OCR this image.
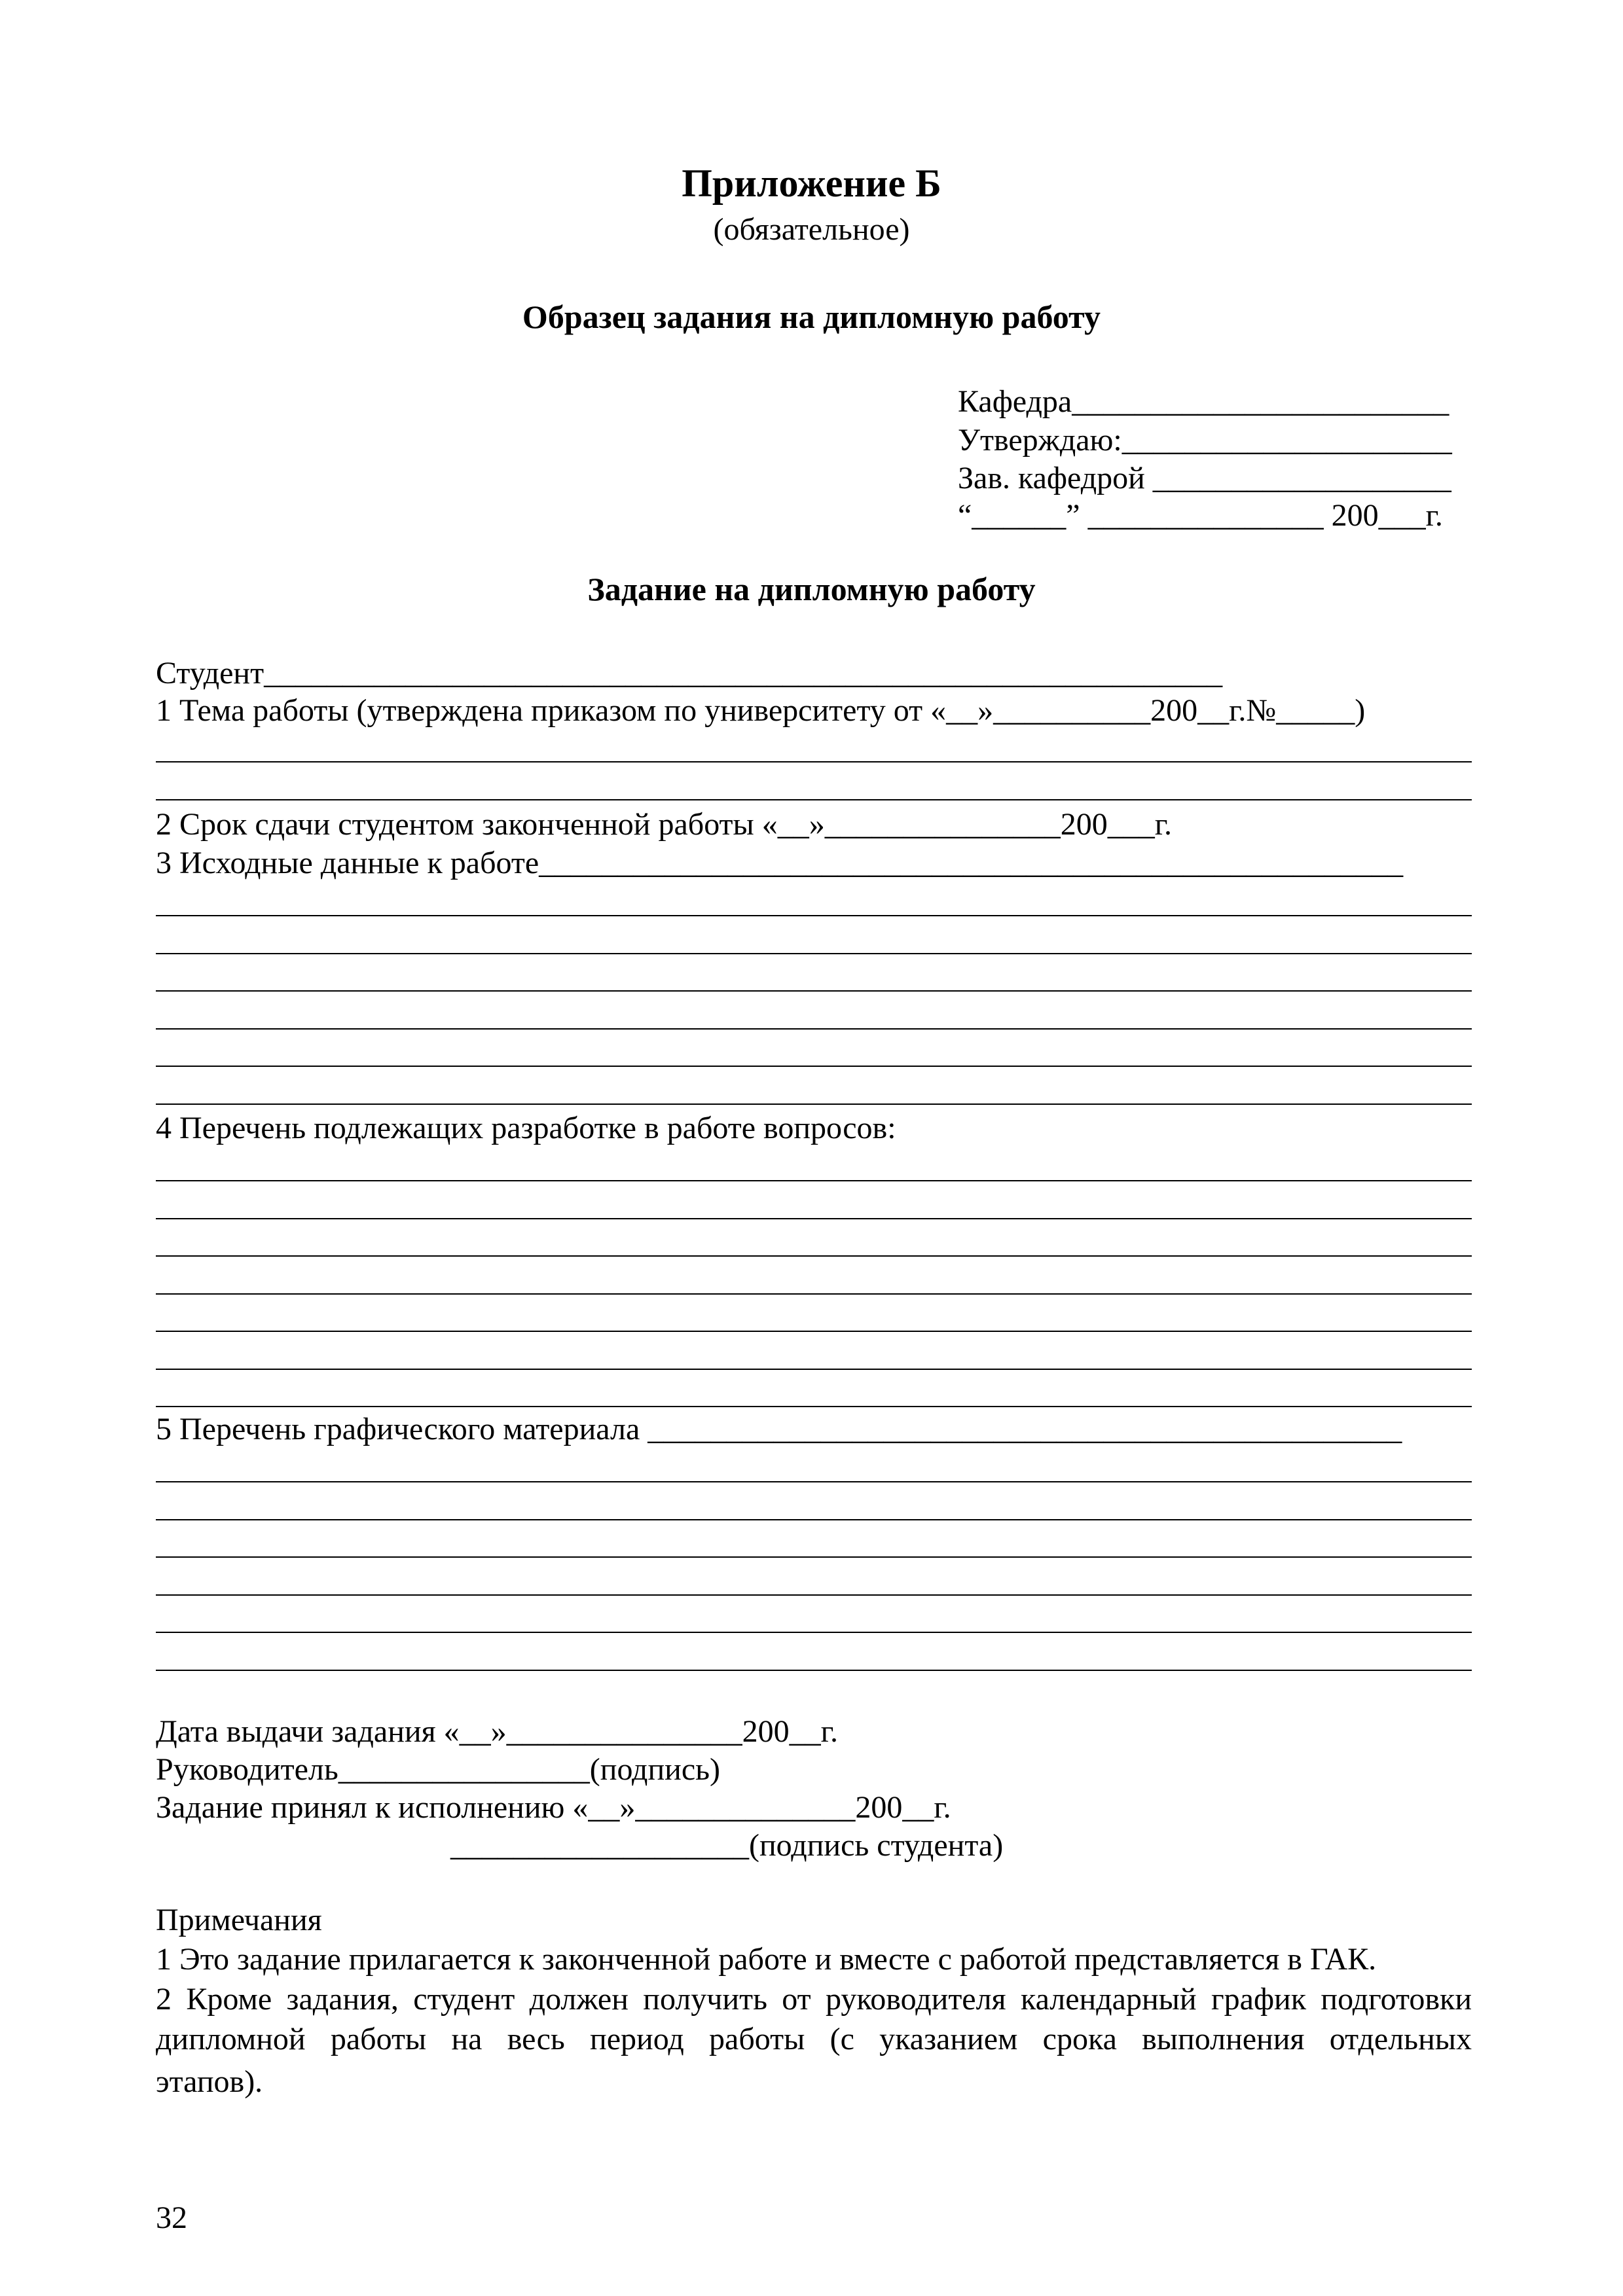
Приложение Б
(обязательное)
Образец задания на дипломную работу
Кафедра________________________
Утверждаю:_____________________
Зав. кафедрой ___________________
“______” _______________ 200___г.
Задание на дипломную работу
Студент_____________________________________________________________
1 Тема работы (утверждена приказом по университету от «__»__________200__г.№_____)
2 Срок сдачи студентом законченной работы «__»_______________200___г.
3 Исходные данные к работе_______________________________________________________
4 Перечень подлежащих разработке в работе вопросов:
5 Перечень графического материала ________________________________________________
Дата выдачи задания «__»_______________200__г.
Руководитель________________(подпись)
Задание принял к исполнению «__»______________200__г.
___________________(подпись студента)
Примечания
1 Это задание прилагается к законченной работе и вместе с работой представляется в ГАК.
2 Кроме задания, студент должен получить от руководителя календарный график подготовки
дипломной работы на весь период работы (с указанием срока выполнения отдельных
этапов).
32
